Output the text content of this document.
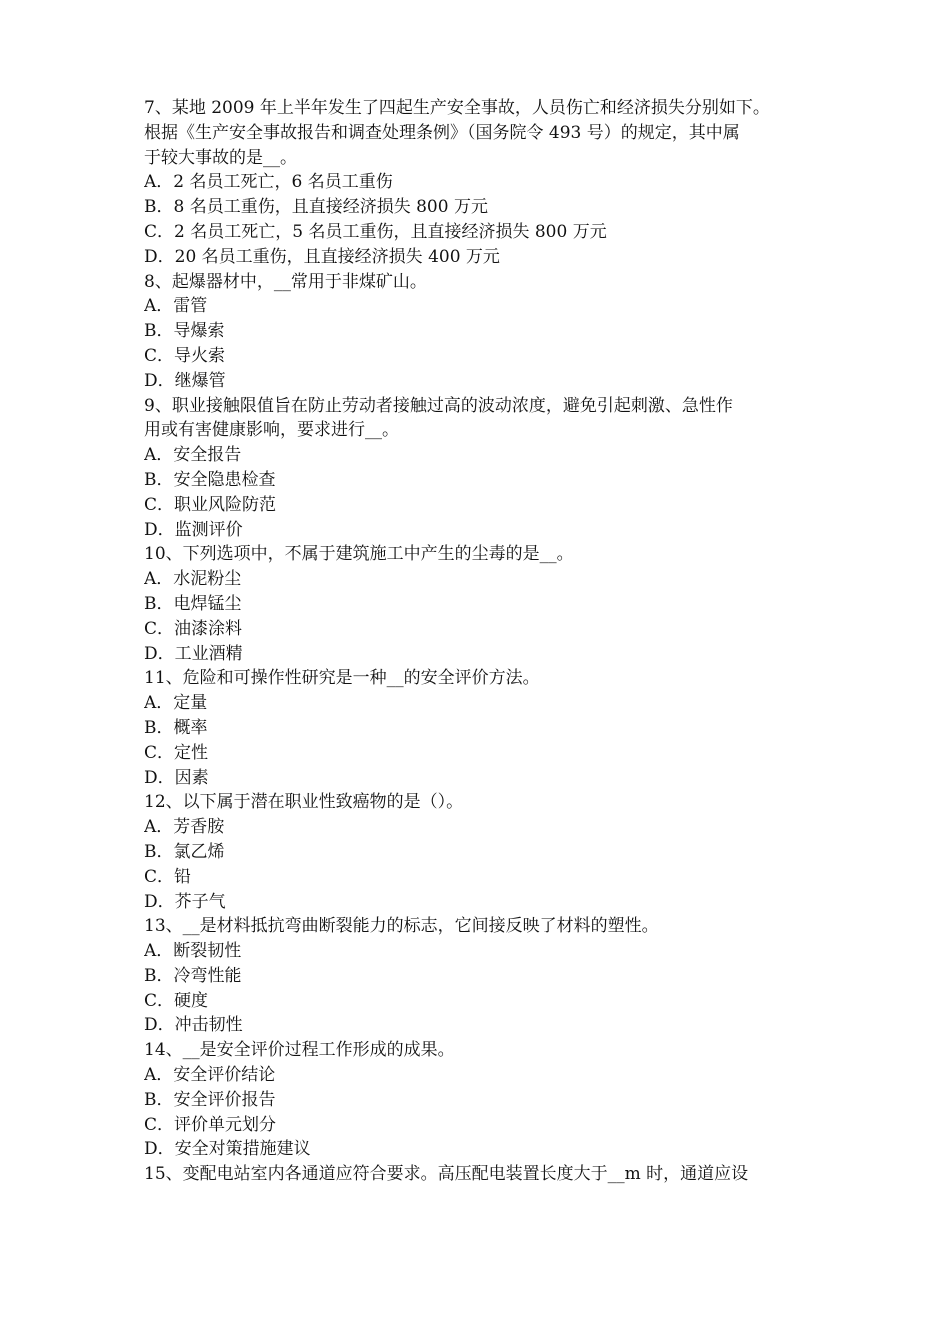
7、某地 2009 年上半年发生了四起生产安全事故，人员伤亡和经济损失分别如下。
根据《生产安全事故报告和调查处理条例》（国务院令 493 号）的规定，其中属
于较大事故的是__。
A．2 名员工死亡，6 名员工重伤
B．8 名员工重伤，且直接经济损失 800 万元
C．2 名员工死亡，5 名员工重伤，且直接经济损失 800 万元
D．20 名员工重伤，且直接经济损失 400 万元
8、起爆器材中，__常用于非煤矿山。
A．雷管
B．导爆索
C．导火索
D．继爆管
9、职业接触限值旨在防止劳动者接触过高的波动浓度，避免引起刺激、急性作
用或有害健康影响，要求进行__。
A．安全报告
B．安全隐患检查
C．职业风险防范
D．监测评价
10、下列选项中，不属于建筑施工中产生的尘毒的是__。
A．水泥粉尘
B．电焊锰尘
C．油漆涂料
D．工业酒精
11、危险和可操作性研究是一种__的安全评价方法。
A．定量
B．概率
C．定性
D．因素
12、以下属于潜在职业性致癌物的是（）。
A．芳香胺
B．氯乙烯
C．铅
D．芥子气
13、__是材料抵抗弯曲断裂能力的标志，它间接反映了材料的塑性。
A．断裂韧性
B．冷弯性能
C．硬度
D．冲击韧性
14、__是安全评价过程工作形成的成果。
A．安全评价结论
B．安全评价报告
C．评价单元划分
D．安全对策措施建议
15、变配电站室内各通道应符合要求。高压配电装置长度大于__m 时，通道应设
